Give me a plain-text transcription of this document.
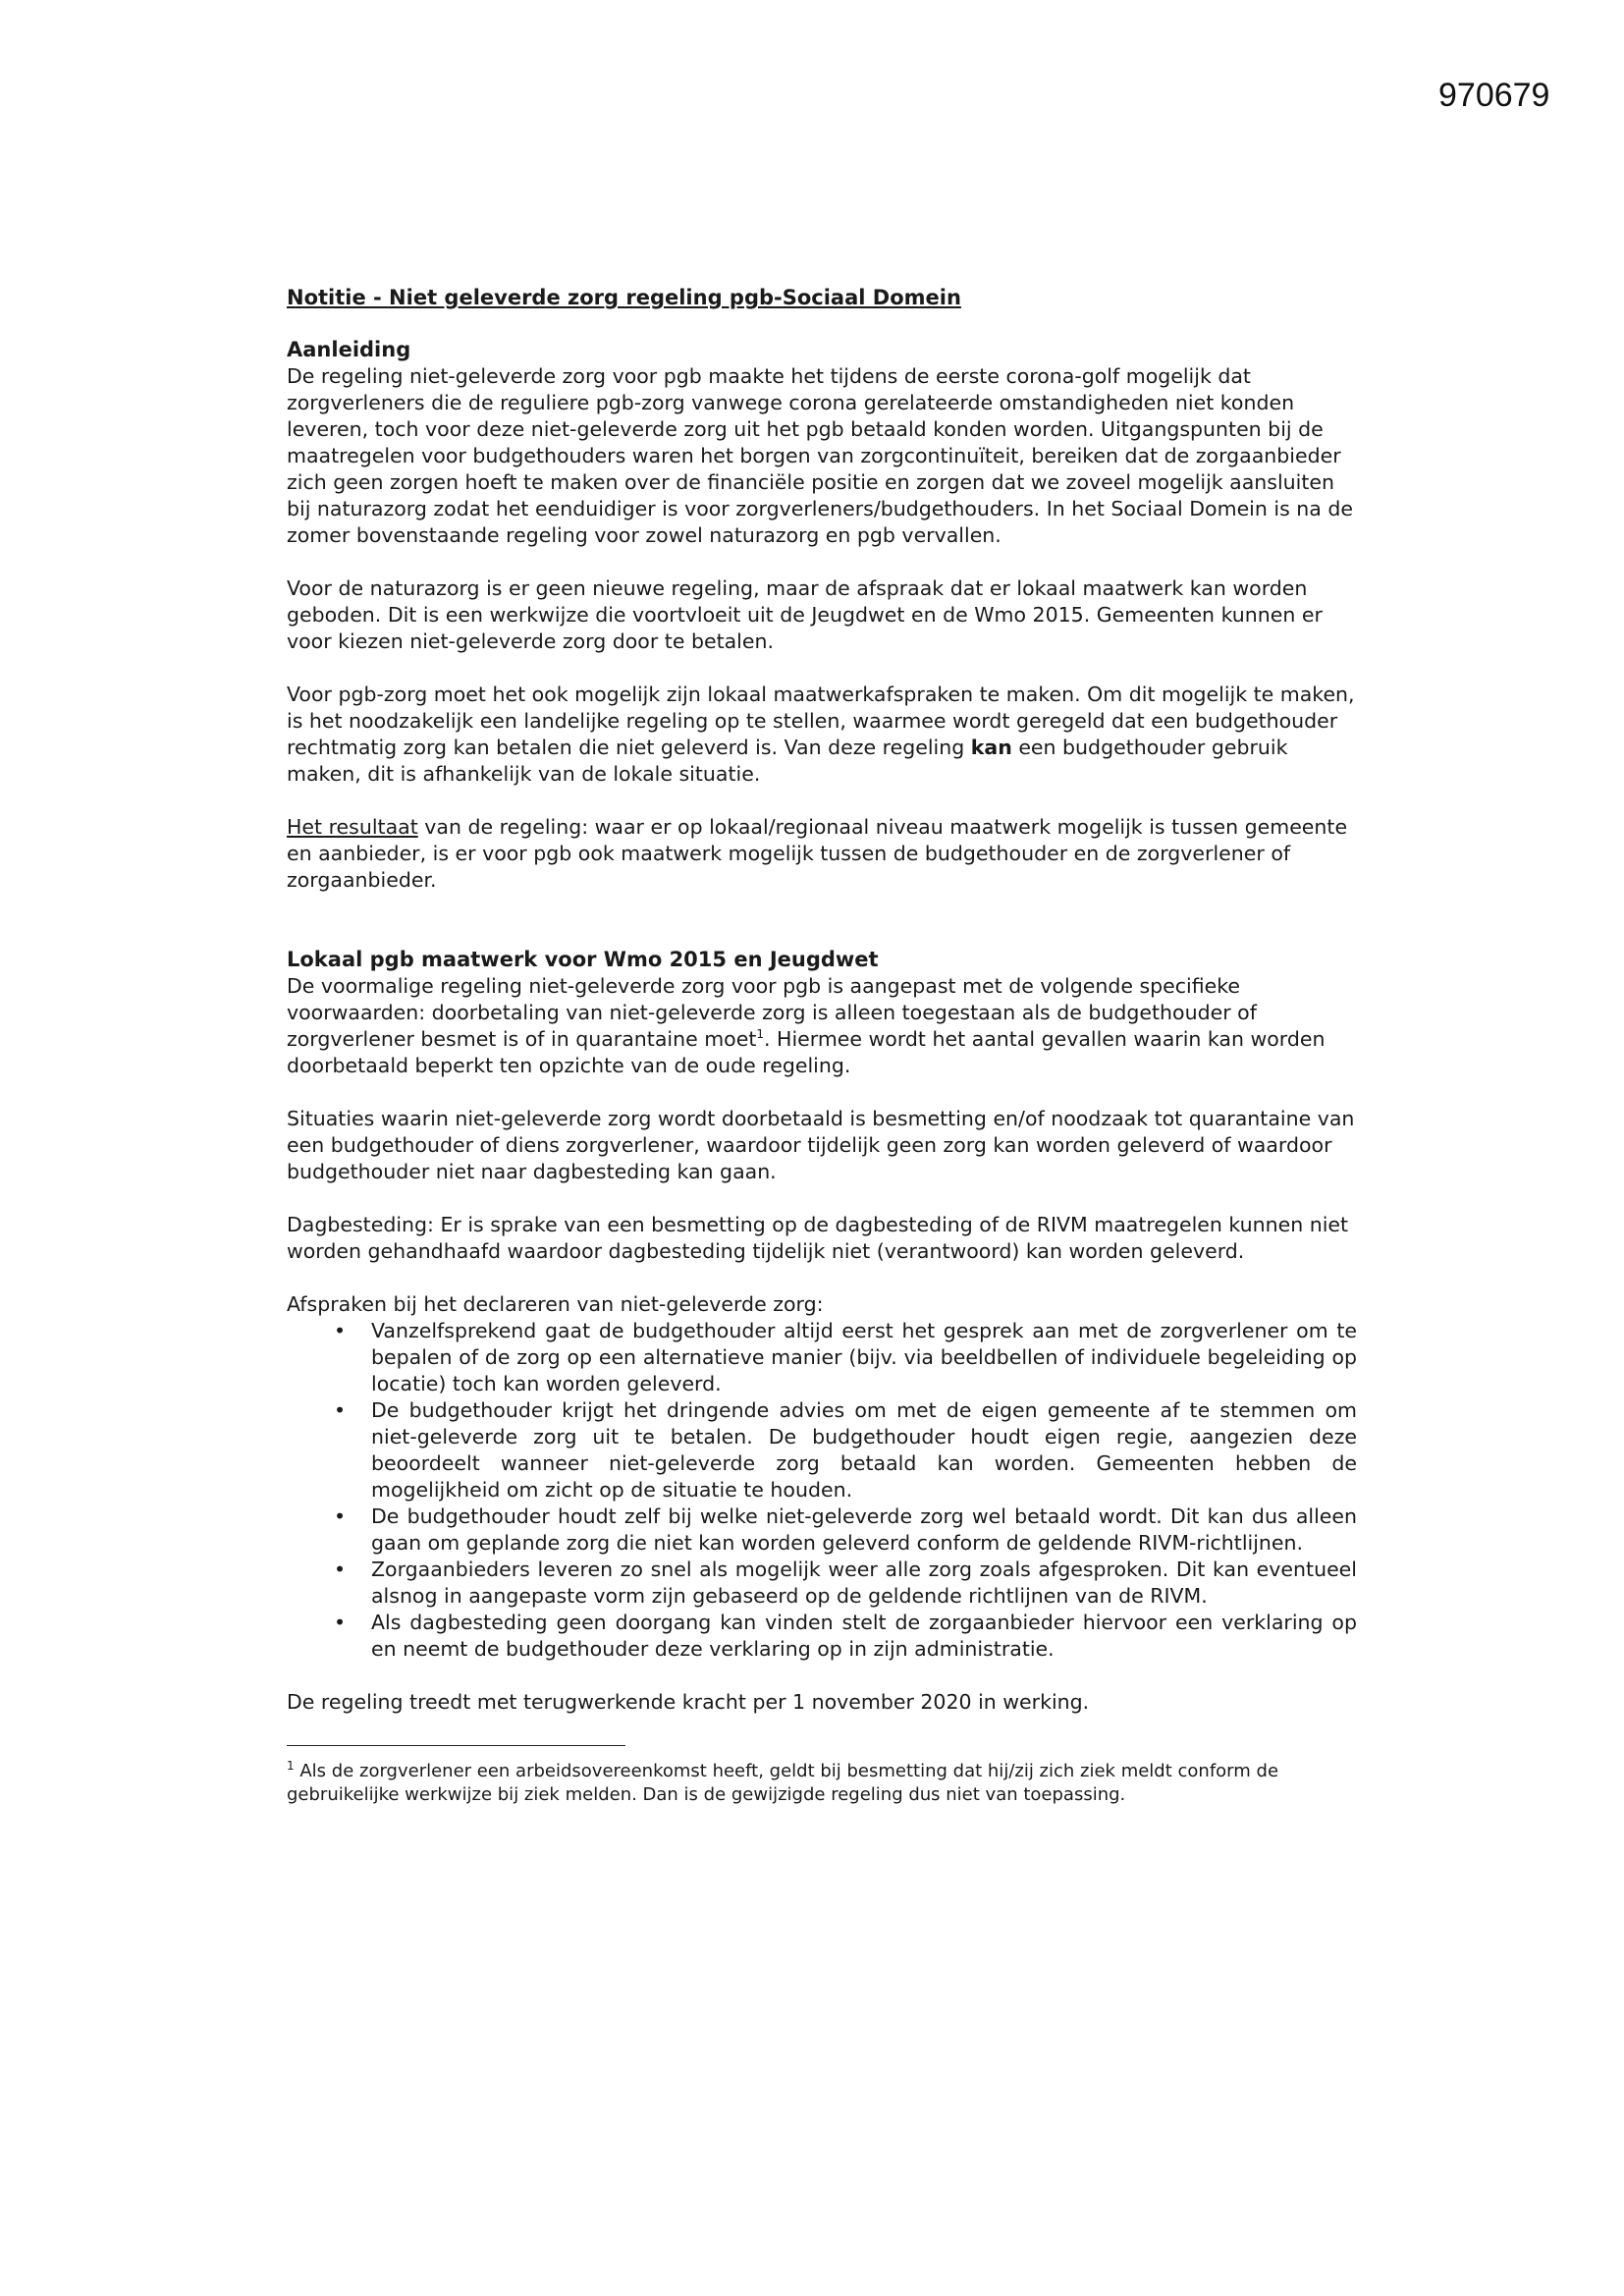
970679
Notitie - Niet geleverde zorg regeling pgb-Sociaal Domein
Aanleiding

De regeling niet-geleverde zorg voor pgb maakte het tijdens de eerste corona-golf mogelijk dat zorgverleners die de reguliere pgb-zorg vanwege corona gerelateerde omstandigheden niet konden leveren, toch voor deze niet-geleverde zorg uit het pgb betaald konden worden. Uitgangspunten bij de maatregelen voor budgethouders waren het borgen van zorgcontinuïteit, bereiken dat de zorgaanbieder zich geen zorgen hoeft te maken over de financiële positie en zorgen dat we zoveel mogelijk aansluiten bij naturazorg zodat het eenduidiger is voor zorgverleners/budgethouders. In het Sociaal Domein is na de zomer bovenstaande regeling voor zowel naturazorg en pgb vervallen.

Voor de naturazorg is er geen nieuwe regeling, maar de afspraak dat er lokaal maatwerk kan worden geboden. Dit is een werkwijze die voortvloeit uit de Jeugdwet en de Wmo 2015. Gemeenten kunnen er voor kiezen niet-geleverde zorg door te betalen.

Voor pgb-zorg moet het ook mogelijk zijn lokaal maatwerkafspraken te maken. Om dit mogelijk te maken, is het noodzakelijk een landelijke regeling op te stellen, waarmee wordt geregeld dat een budgethouder rechtmatig zorg kan betalen die niet geleverd is. Van deze regeling kan een budgethouder gebruik maken, dit is afhankelijk van de lokale situatie.

Het resultaat van de regeling: waar er op lokaal/regionaal niveau maatwerk mogelijk is tussen gemeente en aanbieder, is er voor pgb ook maatwerk mogelijk tussen de budgethouder en de zorgverlener of zorgaanbieder.

Lokaal pgb maatwerk voor Wmo 2015 en Jeugdwet

De voormalige regeling niet-geleverde zorg voor pgb is aangepast met de volgende specifieke voorwaarden: doorbetaling van niet-geleverde zorg is alleen toegestaan als de budgethouder of zorgverlener besmet is of in quarantaine moet$^1$. Hiermee wordt het aantal gevallen waarin kan worden doorbetaald beperkt ten opzichte van de oude regeling.

Situaties waarin niet-geleverde zorg wordt doorbetaald is besmetting en/of noodzaak tot quarantaine van een budgethouder of diens zorgverlener, waardoor tijdelijk geen zorg kan worden geleverd of waardoor budgethouder niet naar dagbesteding kan gaan.

Dagbesteding: Er is sprake van een besmetting op de dagbesteding of de RIVM maatregelen kunnen niet worden gehandhaafd waardoor dagbesteding tijdelijk niet (verantwoord) kan worden geleverd.

Afspraken bij het declareren van niet-geleverde zorg:
• Vanzelfsprekend gaat de budgethouder altijd eerst het gesprek aan met de zorgverlener om te bepalen of de zorg op een alternatieve manier (bijv. via beeldbellen of individuele begeleiding op locatie) toch kan worden geleverd.
• De budgethouder krijgt het dringende advies om met de eigen gemeente af te stemmen om niet-geleverde zorg uit te betalen. De budgethouder houdt eigen regie, aangezien deze beoordeelt wanneer niet-geleverde zorg betaald kan worden. Gemeenten hebben de mogelijkheid om zicht op de situatie te houden.
• De budgethouder houdt zelf bij welke niet-geleverde zorg wel betaald wordt. Dit kan dus alleen gaan om geplande zorg die niet kan worden geleverd conform de geldende RIVM-richtlijnen.
• Zorgaanbieders leveren zo snel als mogelijk weer alle zorg zoals afgesproken. Dit kan eventueel alsnog in aangepaste vorm zijn gebaseerd op de geldende richtlijnen van de RIVM.
• Als dagbesteding geen doorgang kan vinden stelt de zorgaanbieder hiervoor een verklaring op en neemt de budgethouder deze verklaring op in zijn administratie.

De regeling treedt met terugwerkende kracht per 1 november 2020 in werking.

$^1$ Als de zorgverlener een arbeidsovereenkomst heeft, geldt bij besmetting dat hij/zij zich ziek meldt conform de gebruikelijke werkwijze bij ziek melden. Dan is de gewijzigde regeling dus niet van toepassing.
